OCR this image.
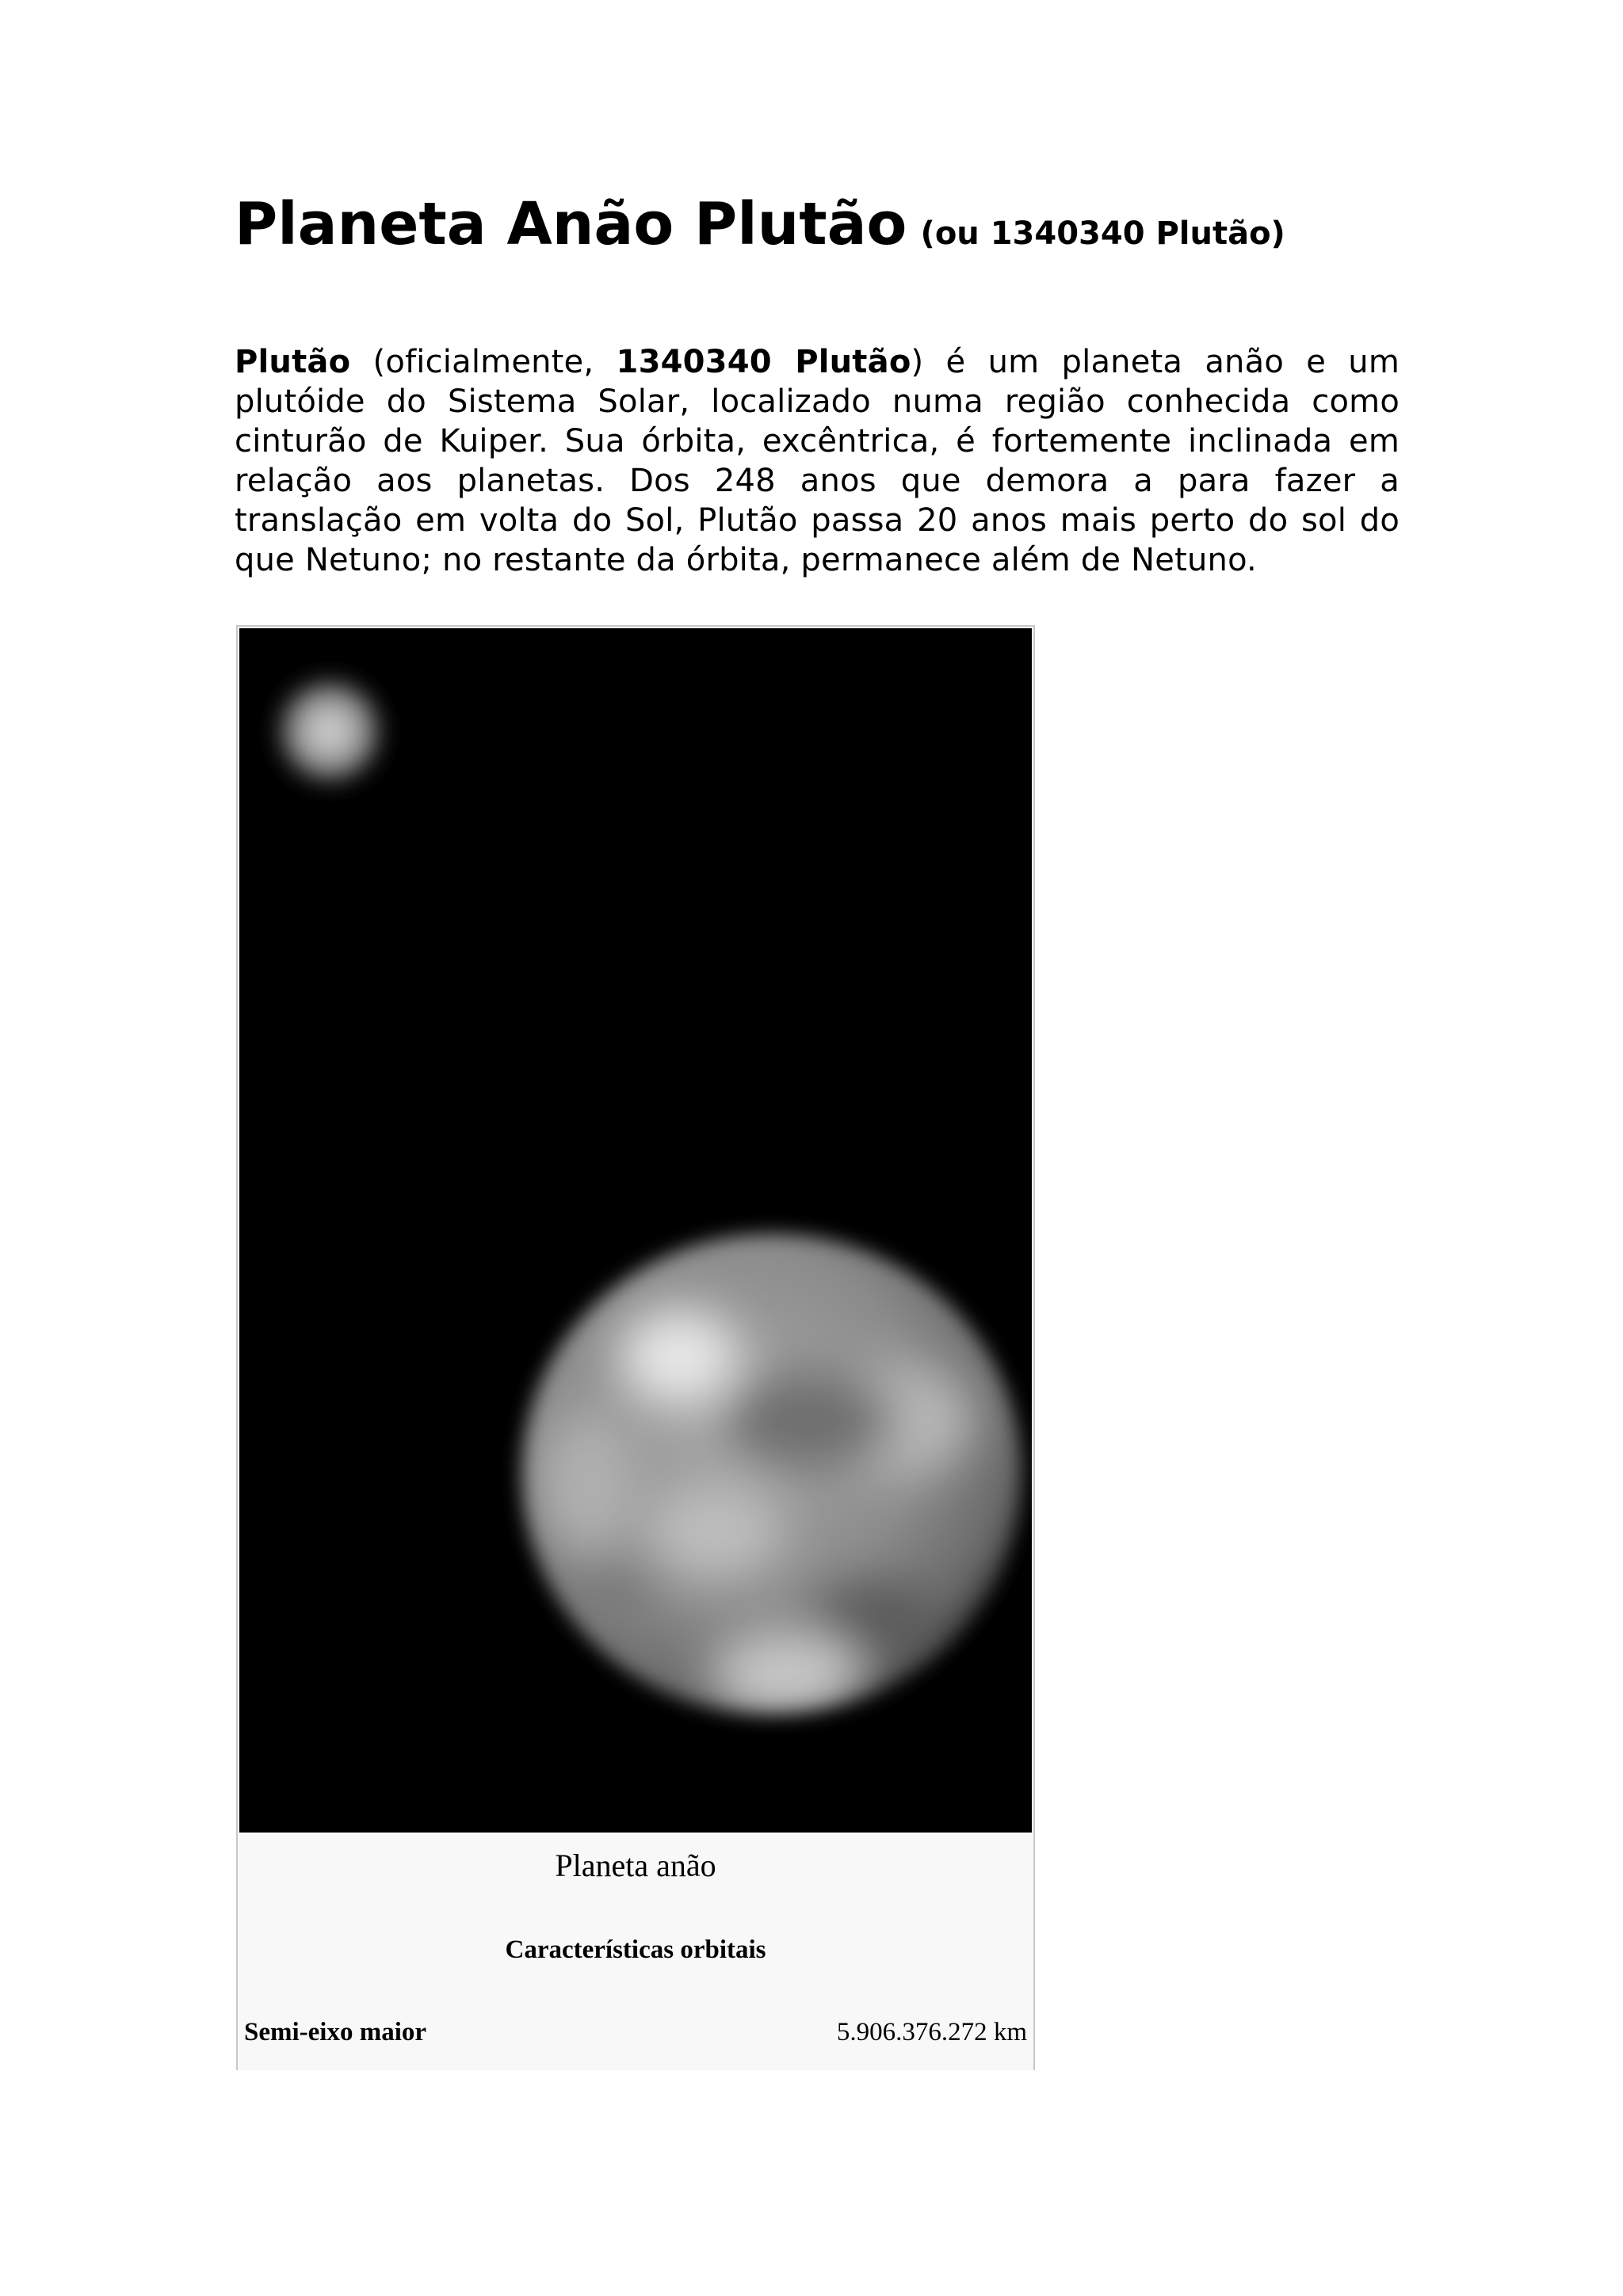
Planeta Anão Plutão (ou 1340340 Plutão)

Plutão (oficialmente, 1340340 Plutão) é um planeta anão e um plutóide do Sistema Solar, localizado numa região conhecida como cinturão de Kuiper. Sua órbita, excêntrica, é fortemente inclinada em relação aos planetas. Dos 248 anos que demora a para fazer a translação em volta do Sol, Plutão passa 20 anos mais perto do sol do que Netuno; no restante da órbita, permanece além de Netuno.

Planeta anão
Características orbitais
Semi-eixo maior	5.906.376.272 km
